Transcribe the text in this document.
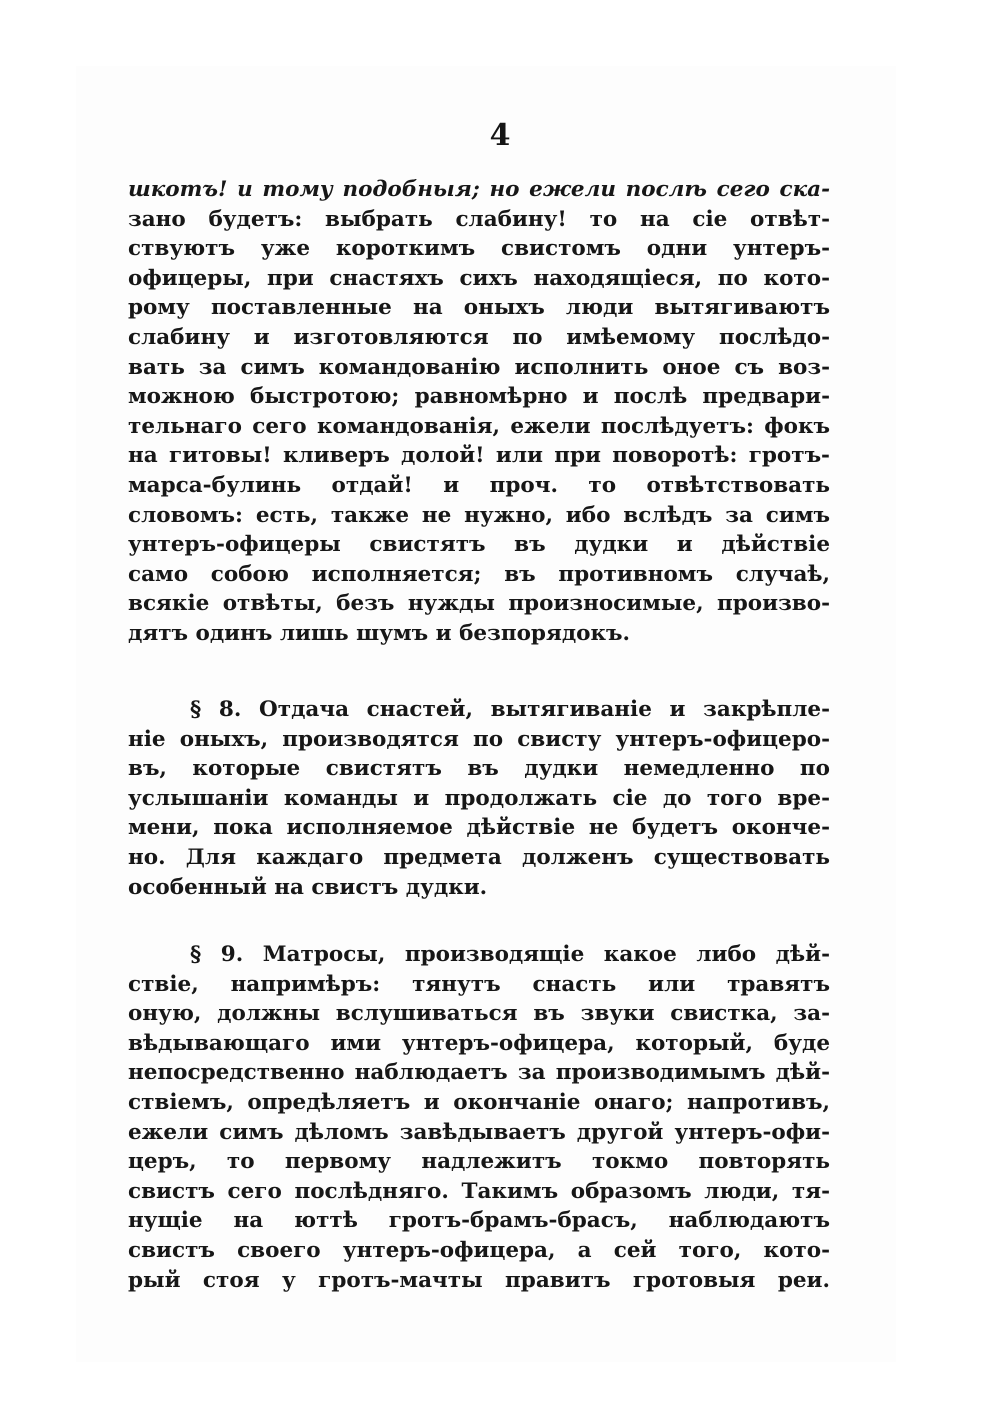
4
шкотъ! и тому подобныя; но ежели послѣ сего ска-
зано будетъ: выбрать слабину! то на сіе отвѣт-
ствуютъ уже короткимъ свистомъ одни унтеръ-
офицеры, при снастяхъ сихъ находящіеся, по кото-
рому поставленные на оныхъ люди вытягиваютъ
слабину и изготовляются по имѣемому послѣдо-
вать за симъ командованію исполнить оное съ воз-
можною быстротою; равномѣрно и послѣ предвари-
тельнаго сего командованія, ежели послѣдуетъ: фокъ
на гитовы! кливеръ долой! или при поворотѣ: гротъ-
марса-булинь отдай! и проч. то отвѣтствовать
словомъ: есть, также не нужно, ибо вслѣдъ за симъ
унтеръ-офицеры свистятъ въ дудки и дѣйствіе
само собою исполняется; въ противномъ случаѣ,
всякіе отвѣты, безъ нужды произносимые, произво-
дятъ одинъ лишь шумъ и безпорядокъ.
§ 8. Отдача снастей, вытягиваніе и закрѣпле-
ніе оныхъ, производятся по свисту унтеръ-офицеро-
въ, которые свистятъ въ дудки немедленно по
услышаніи команды и продолжать сіе до того вре-
мени, пока исполняемое дѣйствіе не будетъ оконче-
но. Для каждаго предмета долженъ существовать
особенный на свистъ дудки.
§ 9. Матросы, производящіе какое либо дѣй-
ствіе, напримѣръ: тянутъ снасть или травятъ
оную, должны вслушиваться въ звуки свистка, за-
вѣдывающаго ими унтеръ-офицера, который, буде
непосредственно наблюдаетъ за производимымъ дѣй-
ствіемъ, опредѣляетъ и окончаніе онаго; напротивъ,
ежели симъ дѣломъ завѣдываетъ другой унтеръ-офи-
церъ, то первому надлежитъ токмо повторять
свистъ сего послѣдняго. Такимъ образомъ люди, тя-
нущіе на юттѣ гротъ-брамъ-брасъ, наблюдаютъ
свистъ своего унтеръ-офицера, а сей того, кото-
рый стоя у гротъ-мачты правитъ гротовыя реи.
